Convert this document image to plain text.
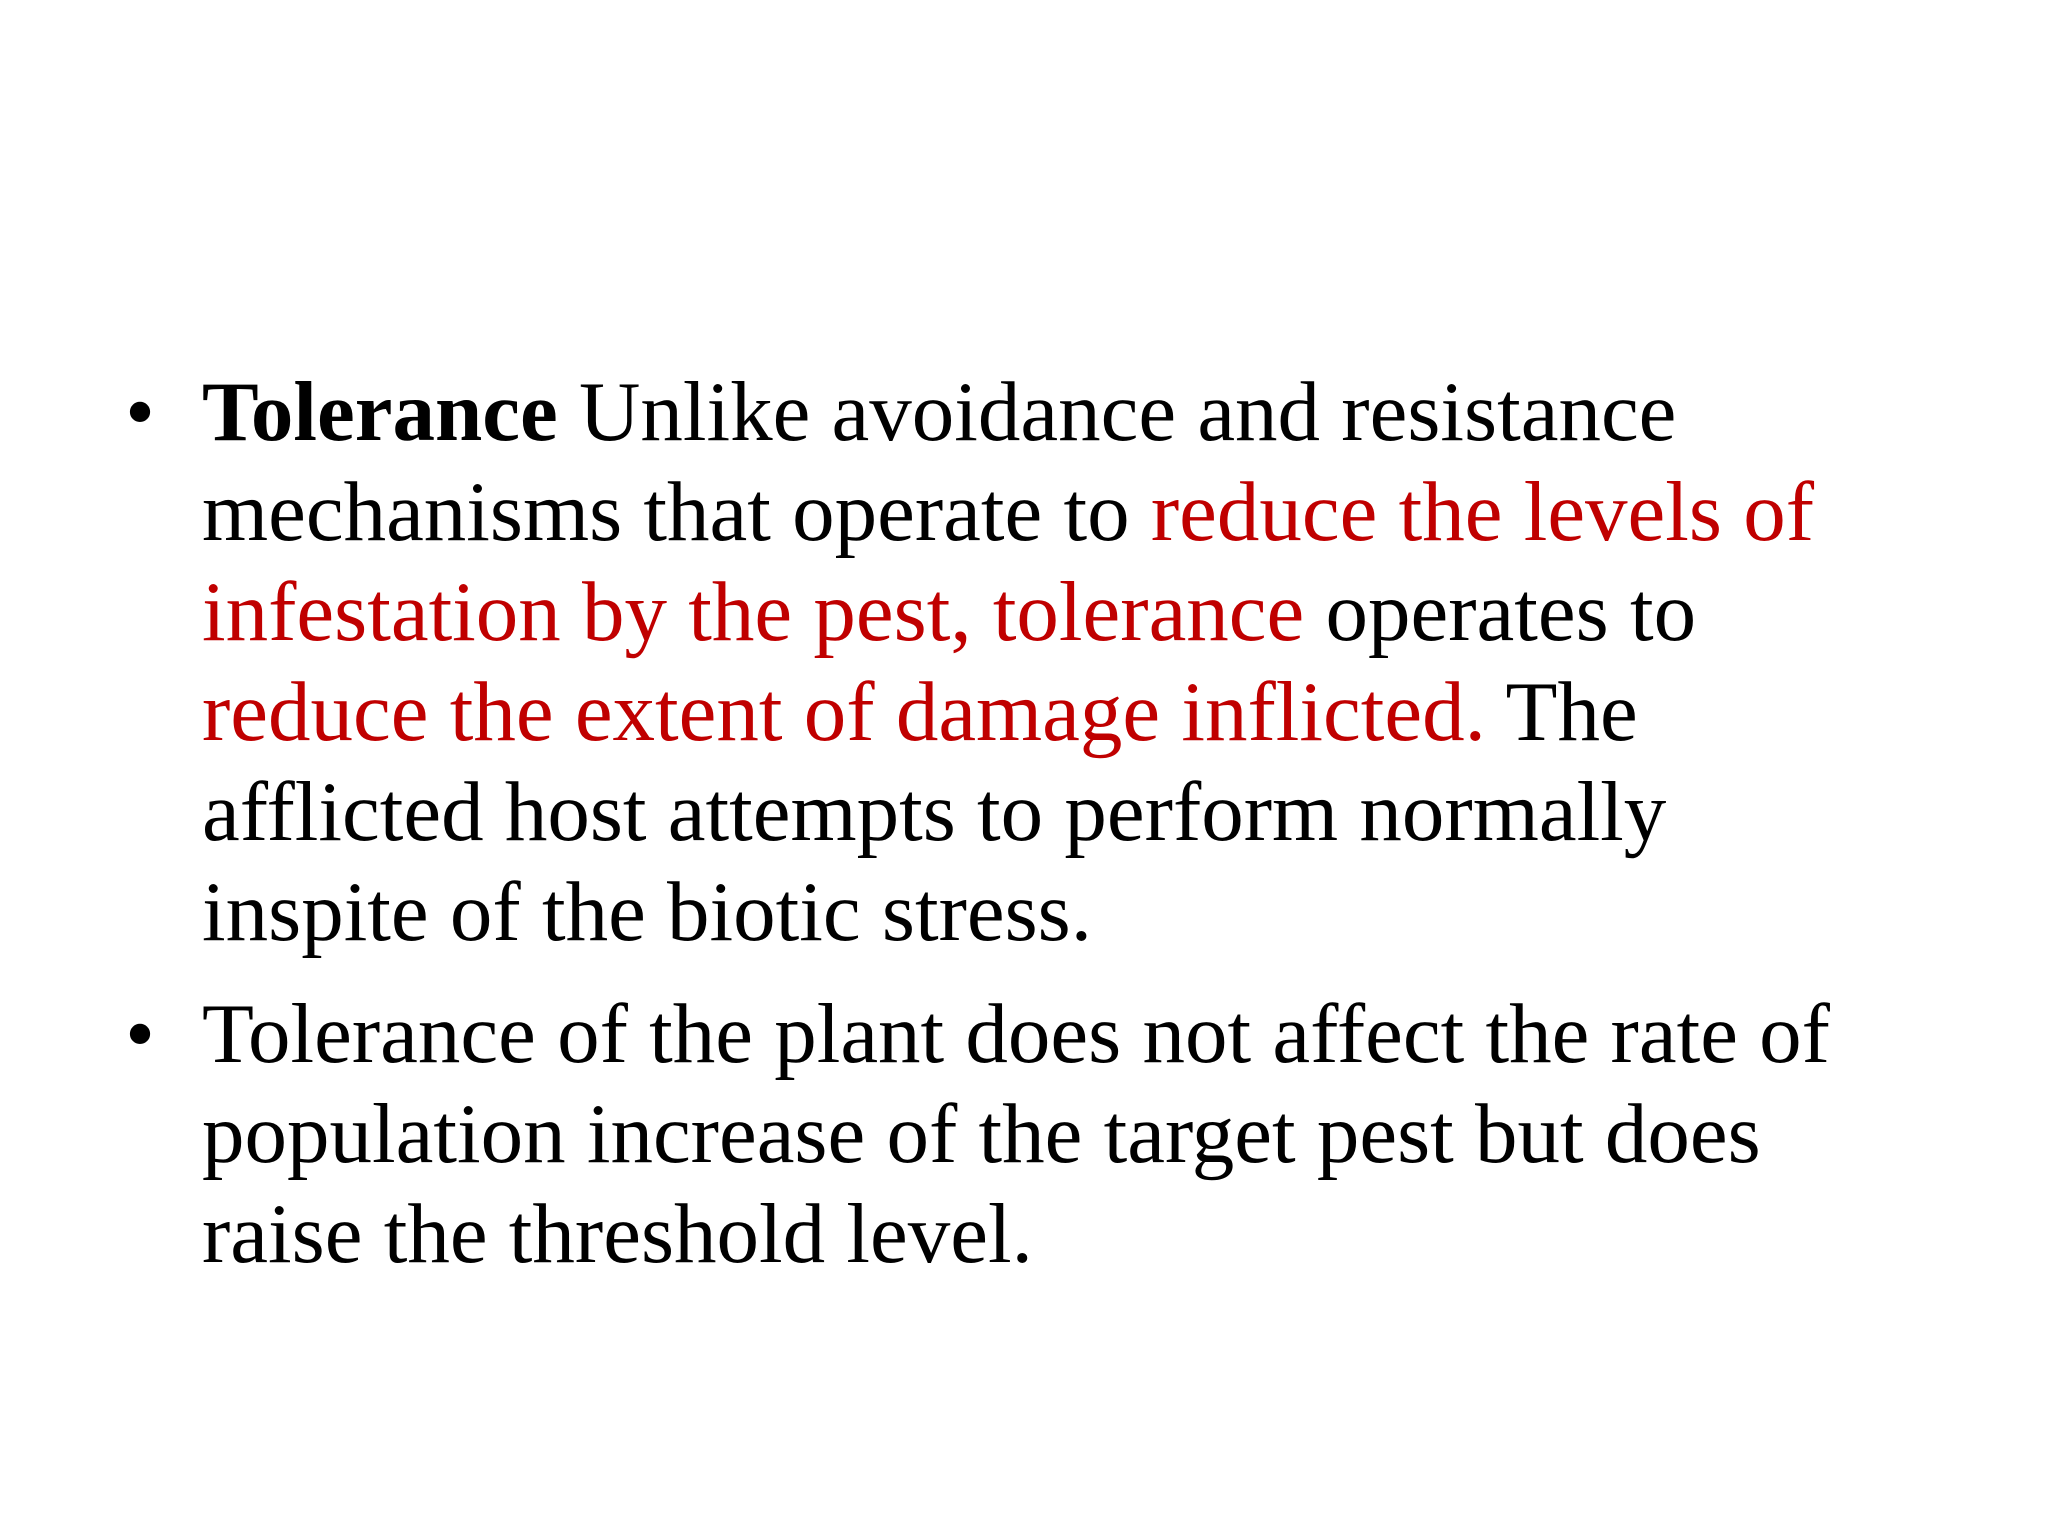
• Tolerance Unlike avoidance and resistance
mechanisms that operate to reduce the levels of
infestation by the pest, tolerance operates to
reduce the extent of damage inflicted. The
afflicted host attempts to perform normally
inspite of the biotic stress.
• Tolerance of the plant does not affect the rate of
population increase of the target pest but does
raise the threshold level.
